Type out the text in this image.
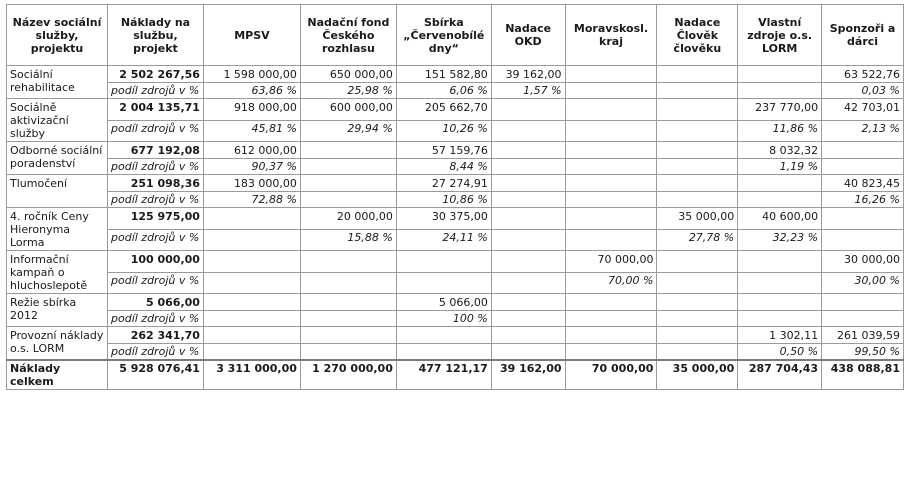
Název sociální služby, projektu	Náklady na službu, projekt	MPSV	Nadační fond Českého rozhlasu	Sbírka „Červenobílé dny“	Nadace OKD	Moravskosl. kraj	Nadace Člověk člověku	Vlastní zdroje o.s. LORM	Sponzoři a dárci
Sociální rehabilitace	2 502 267,56	1 598 000,00	650 000,00	151 582,80	39 162,00				63 522,76
	podíl zdrojů v %	63,86 %	25,98 %	6,06 %	1,57 %				0,03 %
Sociálně aktivizační služby	2 004 135,71	918 000,00	600 000,00	205 662,70				237 770,00	42 703,01
	podíl zdrojů v %	45,81 %	29,94 %	10,26 %				11,86 %	2,13 %
Odborné sociální poradenství	677 192,08	612 000,00		57 159,76				8 032,32	
	podíl zdrojů v %	90,37 %		8,44 %				1,19 %	
Tlumočení	251 098,36	183 000,00		27 274,91					40 823,45
	podíl zdrojů v %	72,88 %		10,86 %					16,26 %
4. ročník Ceny Hieronyma Lorma	125 975,00		20 000,00	30 375,00			35 000,00	40 600,00	
	podíl zdrojů v %		15,88 %	24,11 %			27,78 %	32,23 %	
Informační kampaň o hluchoslepotě	100 000,00					70 000,00			30 000,00
	podíl zdrojů v %					70,00 %			30,00 %
Režie sbírka 2012	5 066,00			5 066,00					
	podíl zdrojů v %			100 %					
Provozní náklady o.s. LORM	262 341,70							1 302,11	261 039,59
	podíl zdrojů v %							0,50 %	99,50 %
Náklady celkem	5 928 076,41	3 311 000,00	1 270 000,00	477 121,17	39 162,00	70 000,00	35 000,00	287 704,43	438 088,81
